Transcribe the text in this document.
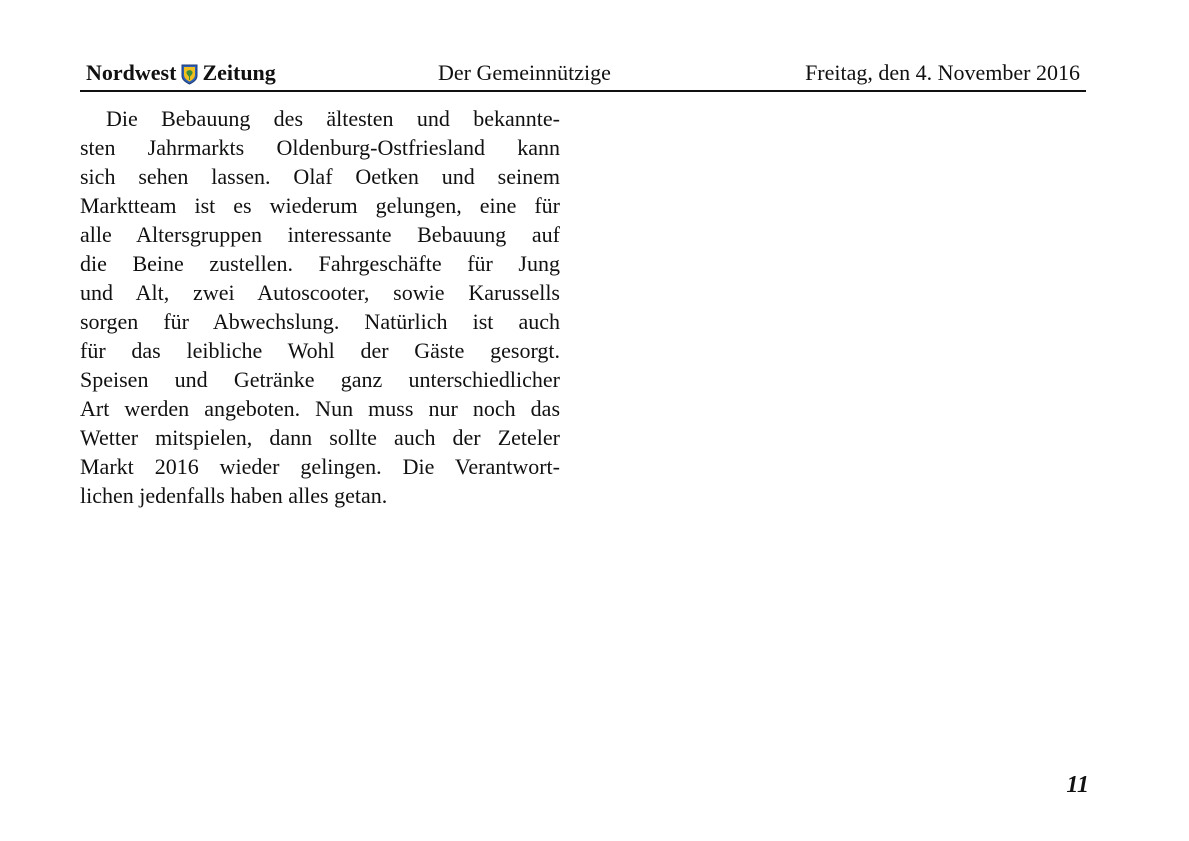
Nordwest Zeitung	Der Gemeinnützige	Freitag, den 4. November 2016
Die Bebauung des ältesten und bekannte-
sten Jahrmarkts Oldenburg-Ostfriesland kann
sich sehen lassen. Olaf Oetken und seinem
Marktteam ist es wiederum gelungen, eine für
alle Altersgruppen interessante Bebauung auf
die Beine zustellen. Fahrgeschäfte für Jung
und Alt, zwei Autoscooter, sowie Karussells
sorgen für Abwechslung. Natürlich ist auch
für das leibliche Wohl der Gäste gesorgt.
Speisen und Getränke ganz unterschiedlicher
Art werden angeboten. Nun muss nur noch das
Wetter mitspielen, dann sollte auch der Zeteler
Markt 2016 wieder gelingen. Die Verantwort-
lichen jedenfalls haben alles getan.
11
